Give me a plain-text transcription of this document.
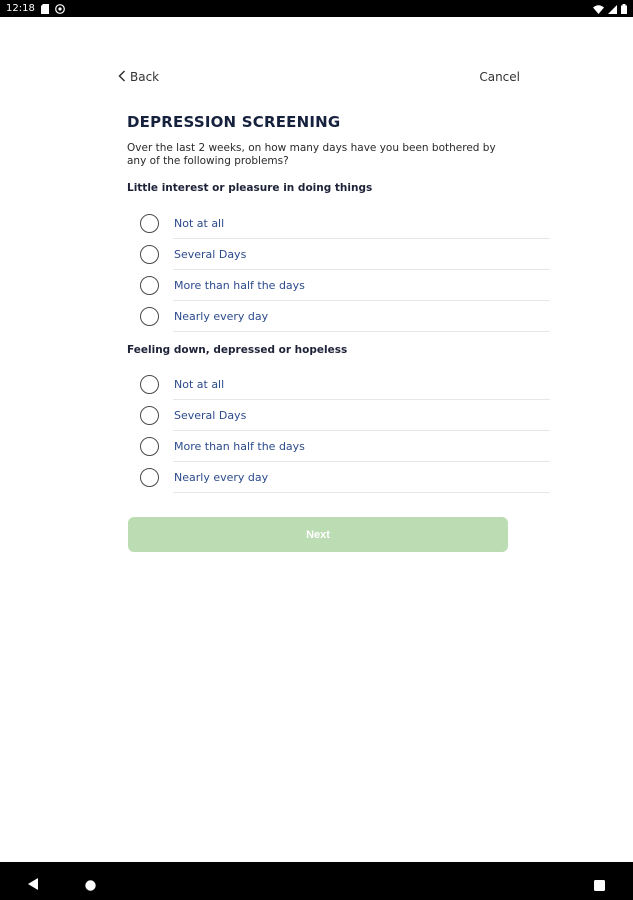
12:18
Back	Cancel
DEPRESSION SCREENING
Over the last 2 weeks, on how many days have you been bothered by any of the following problems?
Little interest or pleasure in doing things
Not at all
Several Days
More than half the days
Nearly every day
Feeling down, depressed or hopeless
Not at all
Several Days
More than half the days
Nearly every day
Next
